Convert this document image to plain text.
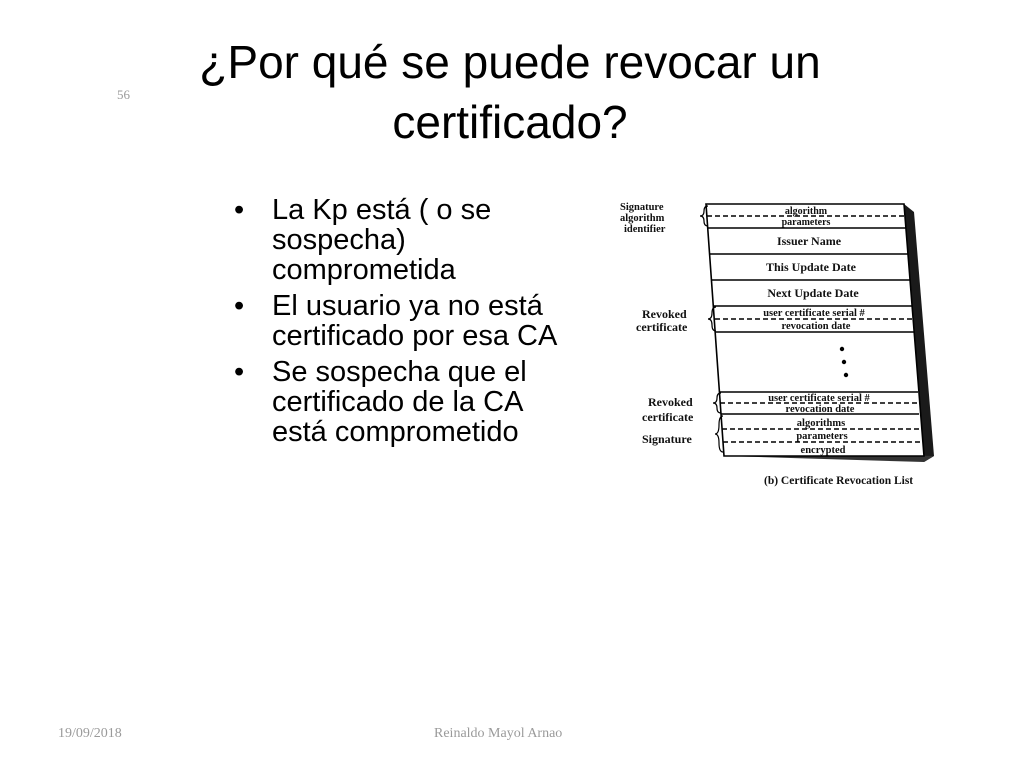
56
¿Por qué se puede revocar un certificado?
• La Kp está ( o se sospecha) comprometida
• El usuario ya no está certificado por esa CA
• Se sospecha que el certificado de la CA está comprometido
algorithm
parameters
Issuer Name
This Update Date
Next Update Date
user certificate serial #
revocation date
user certificate serial #
revocation date
algorithms
parameters
encrypted
Signature
algorithm
identifier
Revoked
certificate
Revoked
certificate
Signature
(b) Certificate Revocation List
19/09/2018	Reinaldo Mayol Arnao
